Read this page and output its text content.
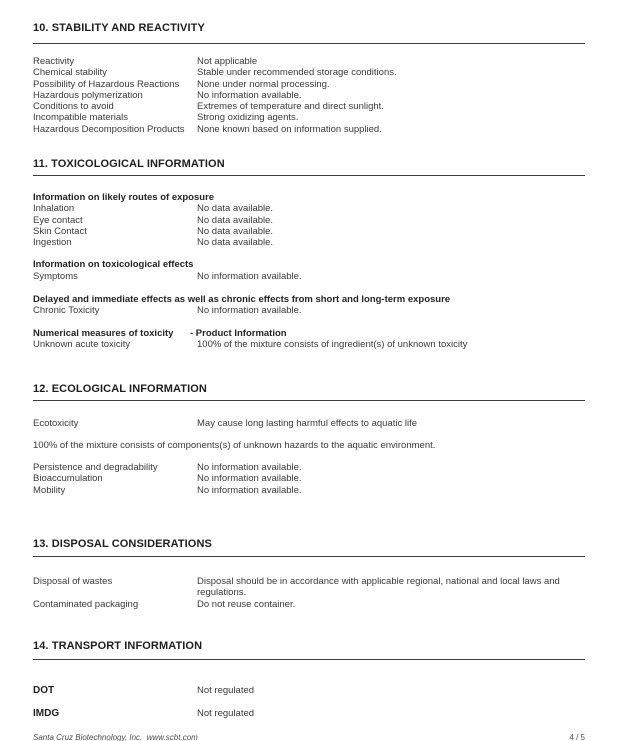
10. STABILITY AND REACTIVITY
Reactivity	Not applicable
Chemical stability	Stable under recommended storage conditions.
Possibility of Hazardous Reactions	None under normal processing.
Hazardous polymerization	No information available.
Conditions to avoid	Extremes of temperature and direct sunlight.
Incompatible materials	Strong oxidizing agents.
Hazardous Decomposition Products	None known based on information supplied.
11. TOXICOLOGICAL INFORMATION
Information on likely routes of exposure
Inhalation	No data available.
Eye contact	No data available.
Skin Contact	No data available.
Ingestion	No data available.
Information on toxicological effects
Symptoms	No information available.
Delayed and immediate effects as well as chronic effects from short and long-term exposure
Chronic Toxicity	No information available.
Numerical measures of toxicity	- Product Information
Unknown acute toxicity	100% of the mixture consists of ingredient(s) of unknown toxicity
12. ECOLOGICAL INFORMATION
Ecotoxicity	May cause long lasting harmful effects to aquatic life
100% of the mixture consists of components(s) of unknown hazards to the aquatic environment.
Persistence and degradability	No information available.
Bioaccumulation	No information available.
Mobility	No information available.
13. DISPOSAL CONSIDERATIONS
Disposal of wastes	Disposal should be in accordance with applicable regional, national and local laws and regulations.
Contaminated packaging	Do not reuse container.
14. TRANSPORT INFORMATION
DOT	Not regulated
IMDG	Not regulated
Santa Cruz Biotechnology, Inc.  www.scbt.com	4 / 5
